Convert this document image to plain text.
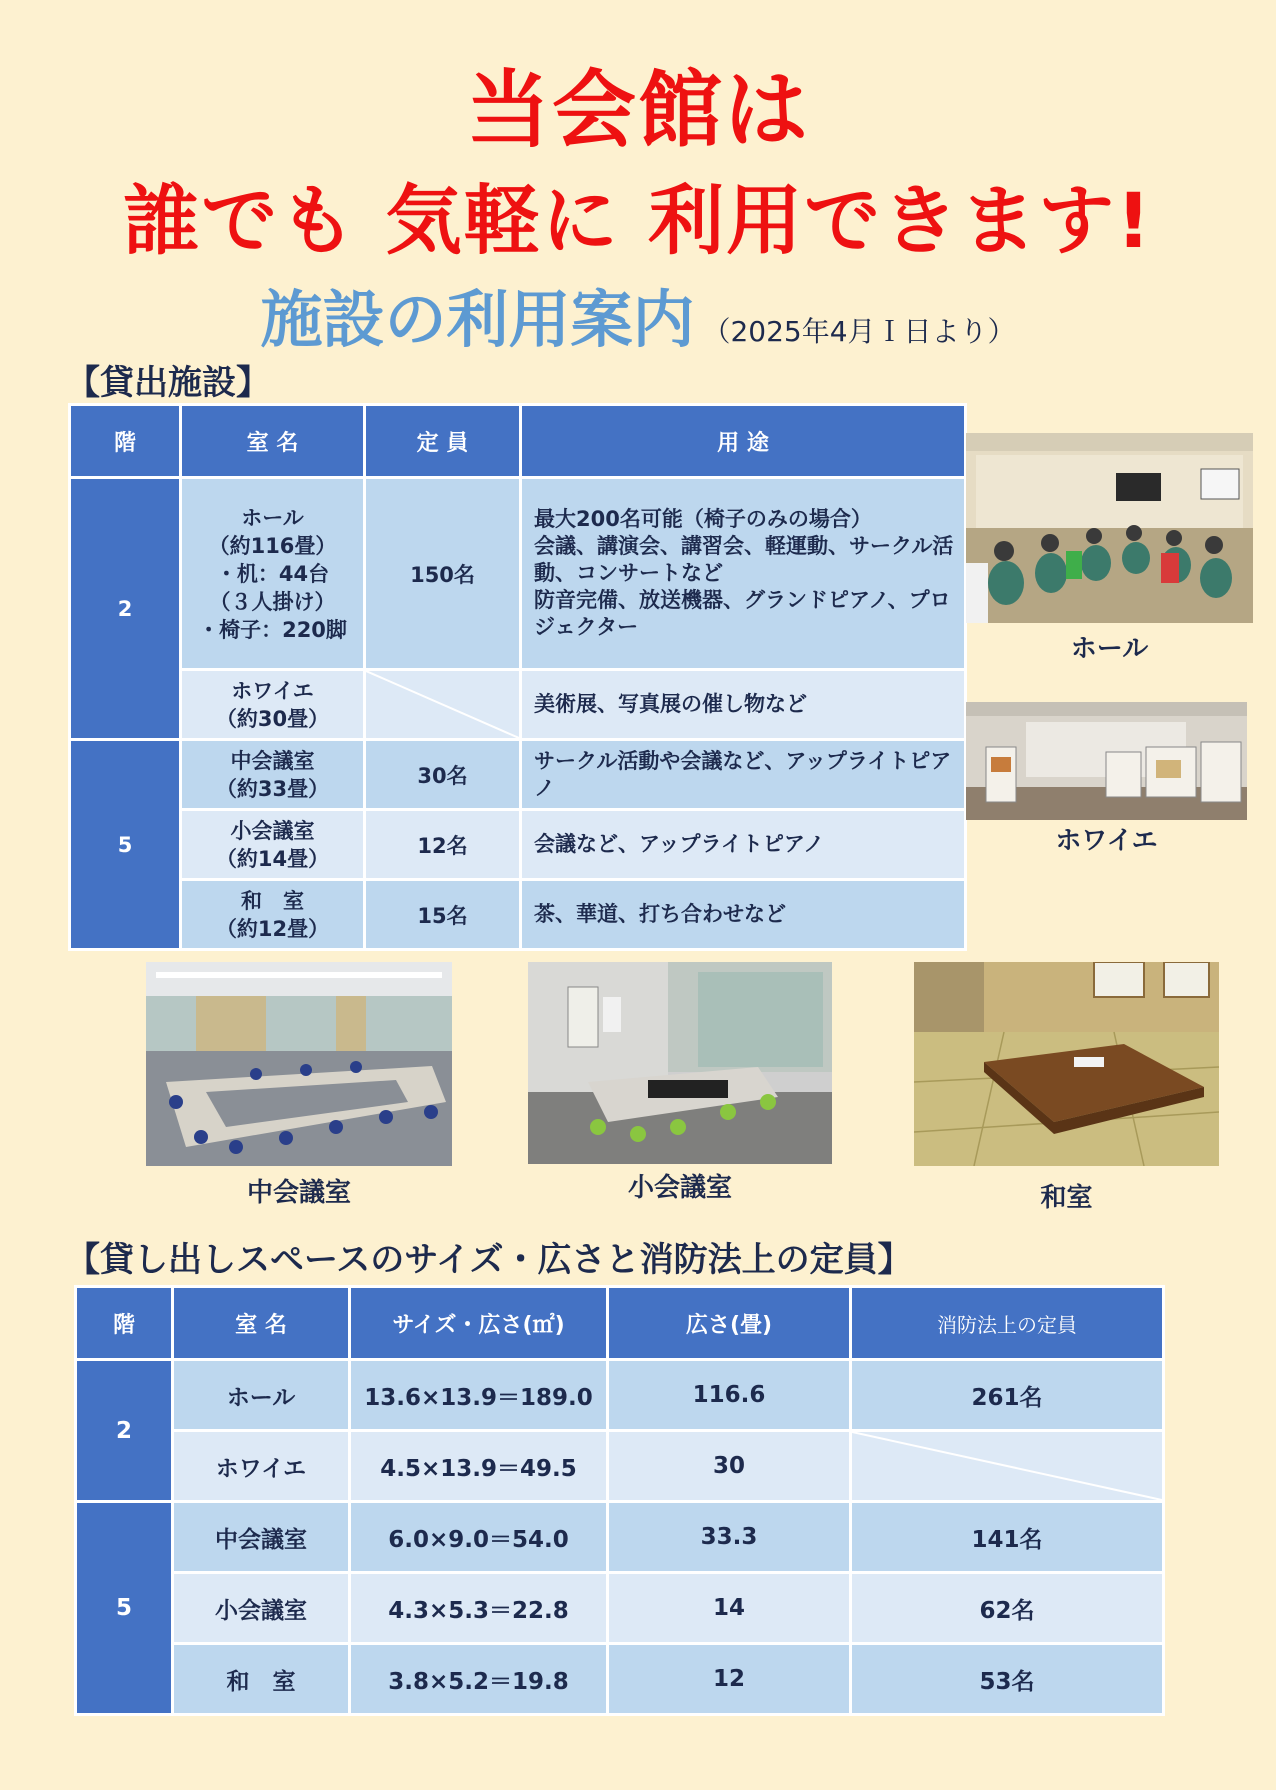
当会館は
誰でも 気軽に 利用できます!
施設の利用案内 （2025年4月Ｉ日より）
【貸出施設】
階	室 名	定 員	用 途
2	ホール
（約116畳）
・机：44台
（３人掛け）
・椅子：220脚	150名	最大200名可能（椅子のみの場合）
会議、講演会、講習会、軽運動、サークル活動、コンサートなど
防音完備、放送機器、グランドピアノ、プロジェクター
	ホワイエ
（約30畳）		美術展、写真展の催し物など
5	中会議室
（約33畳）	30名	サークル活動や会議など、アップライトピアノ
	小会議室
（約14畳）	12名	会議など、アップライトピアノ
	和　室
（約12畳）	15名	茶、華道、打ち合わせなど
ホール
ホワイエ
中会議室	小会議室	和室
【貸し出しスペースのサイズ・広さと消防法上の定員】
階	室 名	サイズ・広さ(㎡)	広さ(畳)	消防法上の定員
2	ホール	13.6×13.9＝189.0	116.6	261名
	ホワイエ	4.5×13.9＝49.5	30	

5	中会議室	6.0×9.0＝54.0	33.3	141名
	小会議室	4.3×5.3＝22.8	14	62名
	和　室	3.8×5.2＝19.8	12	53名
